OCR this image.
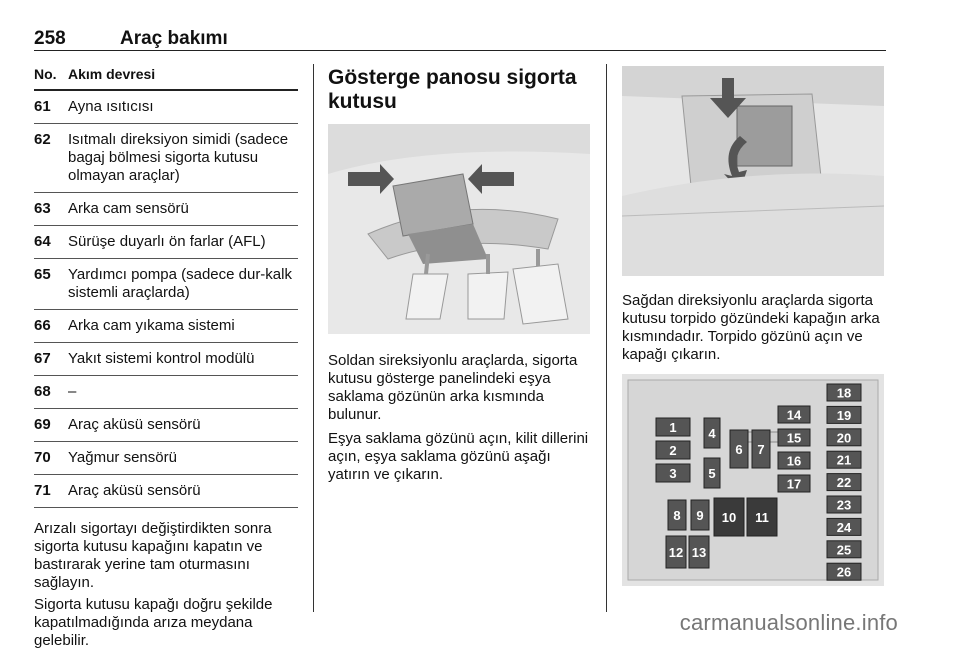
258	Araç bakımı
No. Akım devresi
61	Ayna ısıtıcısı
62	Isıtmalı direksiyon simidi (sadece bagaj bölmesi sigorta kutusu olmayan araçlar)
63	Arka cam sensörü
64	Sürüşe duyarlı ön farlar (AFL)
65	Yardımcı pompa (sadece dur-kalk sistemli araçlarda)
66	Arka cam yıkama sistemi
67	Yakıt sistemi kontrol modülü
68	–
69	Araç aküsü sensörü
70	Yağmur sensörü
71	Araç aküsü sensörü
Arızalı sigortayı değiştirdikten sonra sigorta kutusu kapağını kapatın ve bastırarak yerine tam oturmasını sağlayın.
Sigorta kutusu kapağı doğru şekilde kapatılmadığında arıza meydana gelebilir.
Gösterge panosu sigorta kutusu
Soldan sireksiyonlu araçlarda, sigorta kutusu gösterge panelindeki eşya saklama gözünün arka kısmında bulunur.
Eşya saklama gözünü açın, kilit dillerini açın, eşya saklama gözünü aşağı yatırın ve çıkarın.
Sağdan direksiyonlu araçlarda sigorta kutusu torpido gözündeki kapağın arka kısmındadır. Torpido gözünü açın ve kapağı çıkarın.
1
2
3
4
5
6 7
14
15
16
17
18
19
20
21
22
23
24
25
26
8 9 10 11
12 13
carmanualsonline.info
